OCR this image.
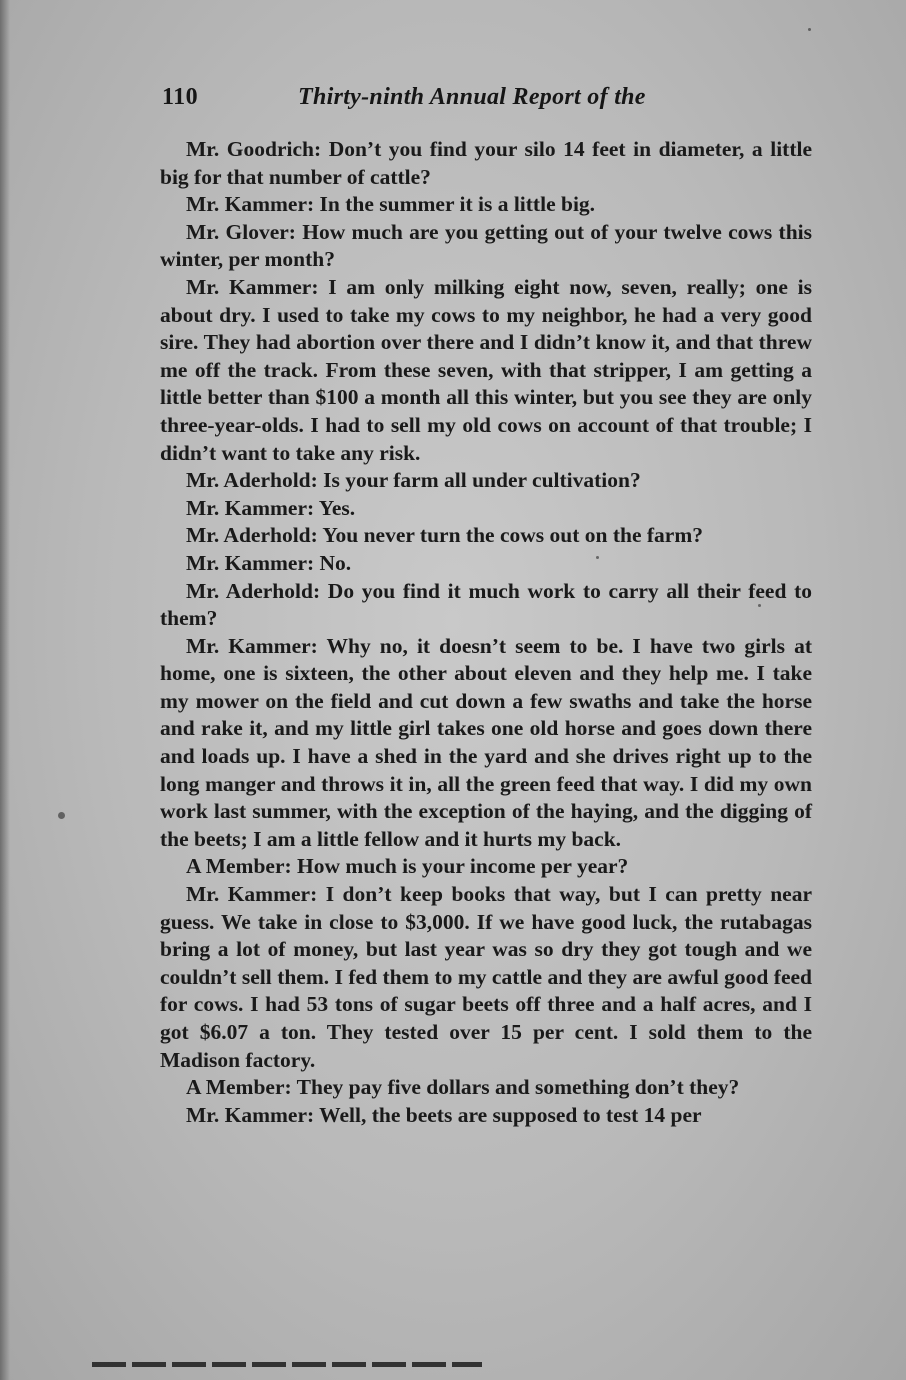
110	Thirty-ninth Annual Report of the

Mr. Goodrich: Don’t you find your silo 14 feet in diameter, a little big for that number of cattle?

Mr. Kammer: In the summer it is a little big.

Mr. Glover: How much are you getting out of your twelve cows this winter, per month?

Mr. Kammer: I am only milking eight now, seven, really; one is about dry. I used to take my cows to my neighbor, he had a very good sire. They had abortion over there and I didn’t know it, and that threw me off the track. From these seven, with that stripper, I am getting a little better than $100 a month all this winter, but you see they are only three-year-olds. I had to sell my old cows on account of that trouble; I didn’t want to take any risk.

Mr. Aderhold: Is your farm all under cultivation?

Mr. Kammer: Yes.

Mr. Aderhold: You never turn the cows out on the farm?

Mr. Kammer: No.

Mr. Aderhold: Do you find it much work to carry all their feed to them?

Mr. Kammer: Why no, it doesn’t seem to be. I have two girls at home, one is sixteen, the other about eleven and they help me. I take my mower on the field and cut down a few swaths and take the horse and rake it, and my little girl takes one old horse and goes down there and loads up. I have a shed in the yard and she drives right up to the long manger and throws it in, all the green feed that way. I did my own work last summer, with the exception of the haying, and the digging of the beets; I am a little fellow and it hurts my back.

A Member: How much is your income per year?

Mr. Kammer: I don’t keep books that way, but I can pretty near guess. We take in close to $3,000. If we have good luck, the rutabagas bring a lot of money, but last year was so dry they got tough and we couldn’t sell them. I fed them to my cattle and they are awful good feed for cows. I had 53 tons of sugar beets off three and a half acres, and I got $6.07 a ton. They tested over 15 per cent. I sold them to the Madison factory.

A Member: They pay five dollars and something don’t they?

Mr. Kammer: Well, the beets are supposed to test 14 per
